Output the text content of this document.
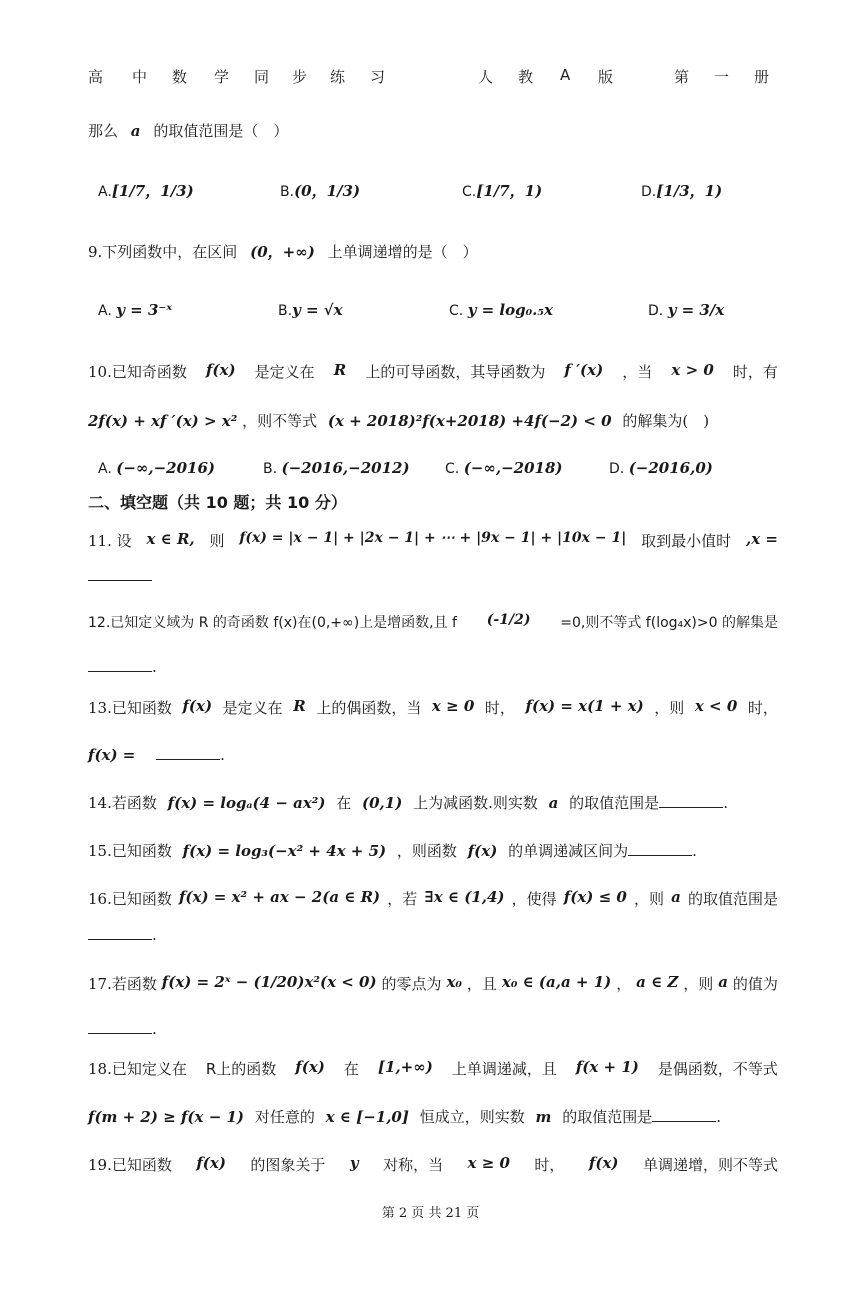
高 中 数 学 同 步 练 习	人 教 A 版	第 一 册
那么 a 的取值范围是（　）
A.[1/7，1/3)	B.(0，1/3)	C.[1/7，1)	D.[1/3，1)
9.下列函数中，在区间 (0，+∞) 上单调递增的是（　）
A. y = 3⁻ˣ	B.y = √x	C. y = log₀.₅x	D. y = 3/x
10.已知奇函数 f(x) 是定义在 R 上的可导函数，其导函数为 f ′(x) ，当 x > 0 时，有
2f(x) + xf ′(x) > x² ，则不等式 (x + 2018)²f(x+2018) +4f(−2) < 0 的解集为(　)
A. (−∞,−2016)	B. (−2016,−2012)	C. (−∞,−2018)	D. (−2016,0)
二、填空题（共 10 题；共 10 分）
11. 设 x ∈ R, 则 f(x) = |x − 1| + |2x − 1| + ⋯ + |9x − 1| + |10x − 1| 取到最小值时 ,x =
12.已知定义域为 R 的奇函数 f(x)在(0,+∞)上是增函数,且 f (-1/2) =0,则不等式 f(log₄x)>0 的解集是
.
13.已知函数 f(x) 是定义在 R 上的偶函数，当 x ≥ 0 时， f(x) = x(1 + x) ，则 x < 0 时，
f(x) =	.
14.若函数 f(x) = logₐ(4 − ax²) 在 (0,1) 上为减函数.则实数 a 的取值范围是	.
15.已知函数 f(x) = log₃(−x² + 4x + 5) ，则函数 f(x) 的单调递减区间为	.
16.已知函数 f(x) = x² + ax − 2(a ∈ R) ，若 ∃x ∈ (1,4) ，使得 f(x) ≤ 0 ，则 a 的取值范围是
.
17.若函数 f(x) = 2ˣ − (1/20)x²(x < 0) 的零点为 x₀ ，且 x₀ ∈ (a,a + 1) ， a ∈ Z ，则 a 的值为
.
18.已知定义在 R上的函数 f(x) 在 [1,+∞) 上单调递减，且 f(x + 1) 是偶函数，不等式
f(m + 2) ≥ f(x − 1) 对任意的 x ∈ [−1,0] 恒成立，则实数 m 的取值范围是	.
19.已知函数 f(x) 的图象关于 y 对称，当 x ≥ 0 时， f(x) 单调递增，则不等式
第 2 页 共 21 页
